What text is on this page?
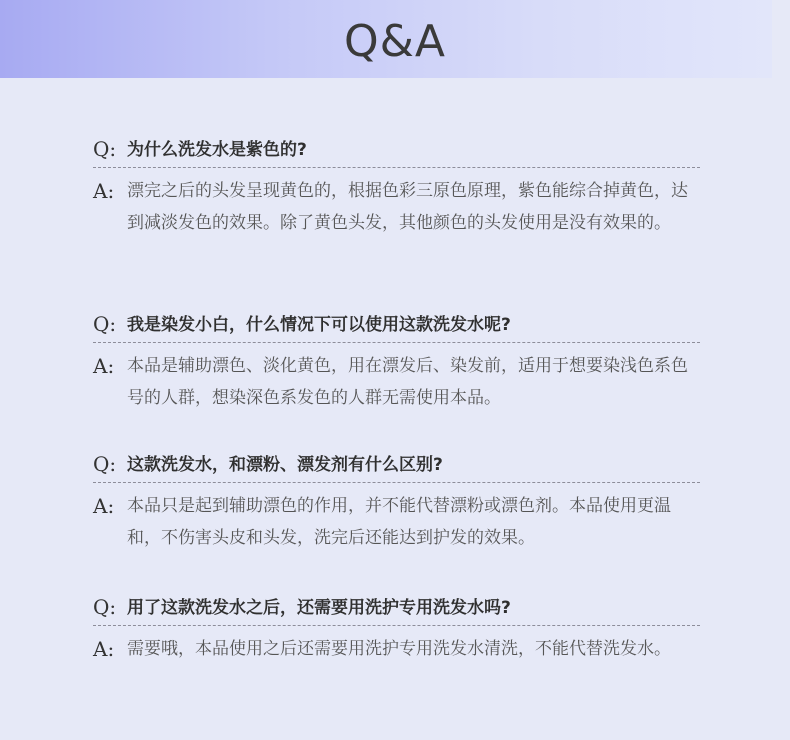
Q&A
Q: 为什么洗发水是紫色的?
A: 漂完之后的头发呈现黄色的，根据色彩三原色原理，紫色能综合掉黄色，达到减淡发色的效果。除了黄色头发，其他颜色的头发使用是没有效果的。
Q: 我是染发小白，什么情况下可以使用这款洗发水呢?
A: 本品是辅助漂色、淡化黄色，用在漂发后、染发前，适用于想要染浅色系色号的人群，想染深色系发色的人群无需使用本品。
Q: 这款洗发水，和漂粉、漂发剂有什么区别?
A: 本品只是起到辅助漂色的作用，并不能代替漂粉或漂色剂。本品使用更温和，不伤害头皮和头发，洗完后还能达到护发的效果。
Q: 用了这款洗发水之后，还需要用洗护专用洗发水吗?
A: 需要哦，本品使用之后还需要用洗护专用洗发水清洗，不能代替洗发水。
